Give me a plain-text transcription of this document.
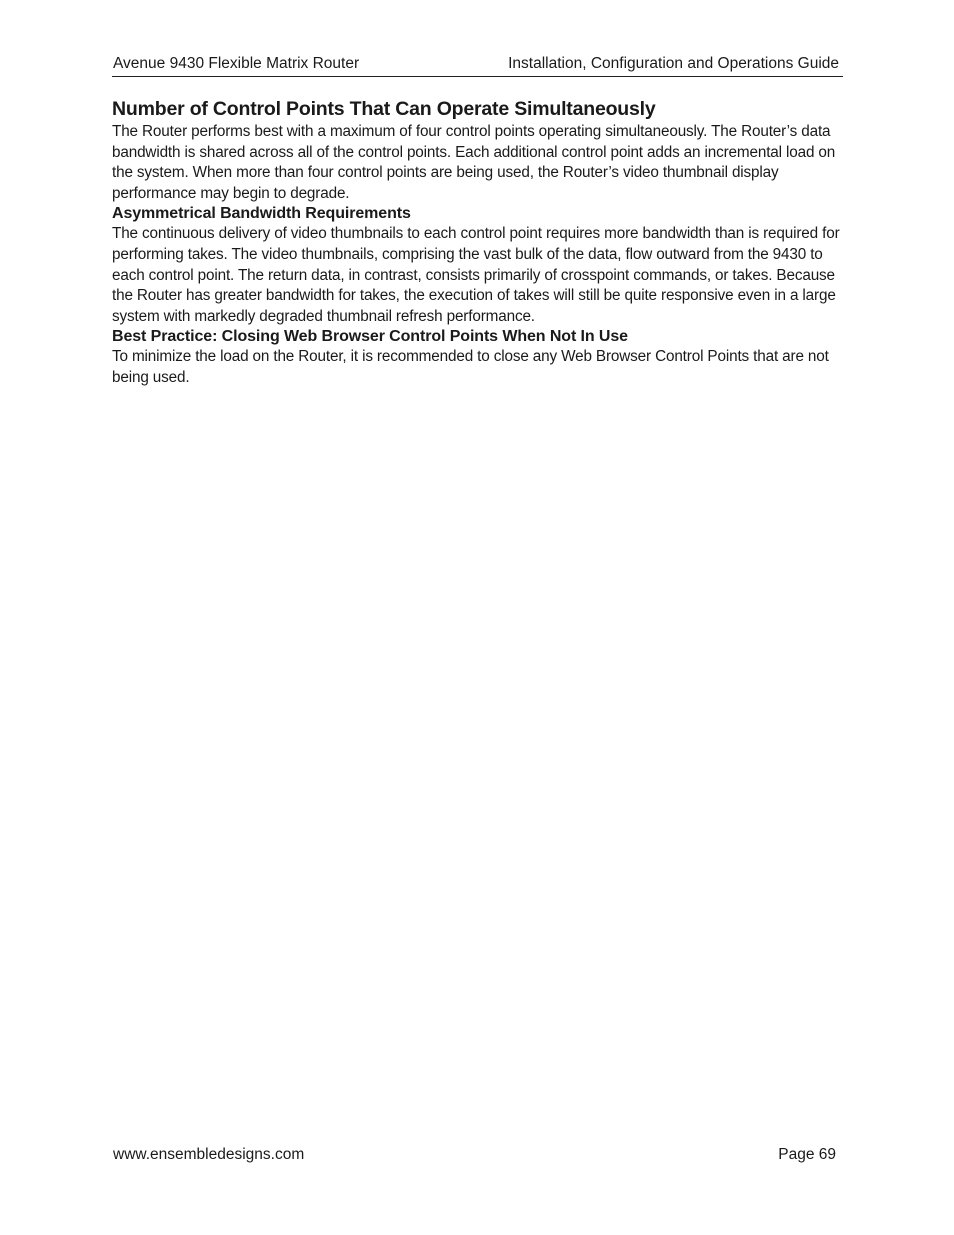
Avenue 9430 Flexible Matrix Router	Installation, Configuration and Operations Guide
Number of Control Points That Can Operate Simultaneously

The Router performs best with a maximum of four control points operating simultaneously. The Router’s data bandwidth is shared across all of the control points. Each additional control point adds an incremental load on the system. When more than four control points are being used, the Router’s video thumbnail display performance may begin to degrade.

Asymmetrical Bandwidth Requirements

The continuous delivery of video thumbnails to each control point requires more bandwidth than is required for performing takes. The video thumbnails, comprising the vast bulk of the data, flow outward from the 9430 to each control point. The return data, in contrast, consists primarily of crosspoint commands, or takes. Because the Router has greater bandwidth for takes, the execution of takes will still be quite responsive even in a large system with markedly degraded thumbnail refresh performance.

Best Practice: Closing Web Browser Control Points When Not In Use

To minimize the load on the Router, it is recommended to close any Web Browser Control Points that are not being used.

www.ensembledesigns.com	Page 69
